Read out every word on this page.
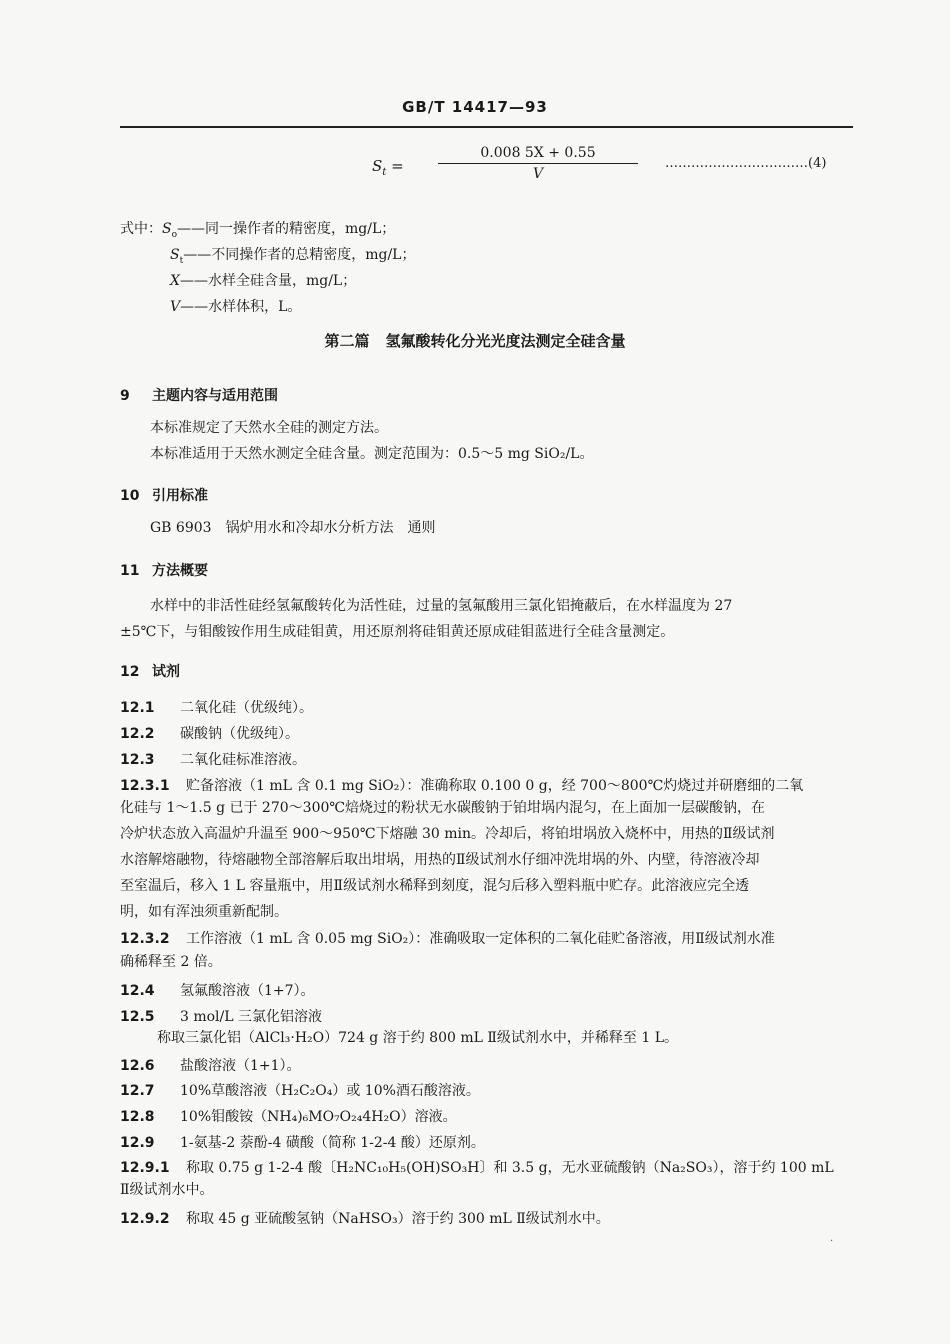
GB/T 14417—93
$S_t = \frac{0.008 5X + 0.55}{V}$ ……………………………(4)
式中：$S_o——$同一操作者的精密度，mg/L；
$S_t——$不同操作者的总精密度，mg/L；
X——水样全硅含量，mg/L；
V——水样体积，L。
第二篇 氢氟酸转化分光光度法测定全硅含量
9 主题内容与适用范围
本标准规定了天然水全硅的测定方法。
本标准适用于天然水测定全硅含量。测定范围为：0.5～5 mg SiO₂/L。
10 引用标准
GB 6903　 锅炉用水和冷却水分析方法　通则
11 方法概要
水样中的非活性硅经氢氟酸转化为活性硅，过量的氢氟酸用三氯化铝掩蔽后，在水样温度为 27
±5℃下，与钼酸铵作用生成硅钼黄，用还原剂将硅钼黄还原成硅钼蓝进行全硅含量测定。
12 试剂
12.1 二氧化硅（优级纯）。
12.2 碳酸钠（优级纯）。
12.3 二氧化硅标准溶液。
12.3.1 贮备溶液（1 mL 含 0.1 mg SiO₂）：准确称取 0.100 0 g，经 700～800℃灼烧过并研磨细的二氧
化硅与 1～1.5 g 已于 270～300℃焙烧过的粉状无水碳酸钠于铂坩埚内混匀，在上面加一层碳酸钠，在
冷炉状态放入高温炉升温至 900～950℃下熔融 30 min。冷却后，将铂坩埚放入烧杯中，用热的Ⅱ级试剂
水溶解熔融物，待熔融物全部溶解后取出坩埚，用热的Ⅱ级试剂水仔细冲洗坩埚的外、内壁，待溶液冷却
至室温后，移入 1 L 容量瓶中，用Ⅱ级试剂水稀释到刻度，混匀后移入塑料瓶中贮存。此溶液应完全透
明，如有浑浊须重新配制。
12.3.2 工作溶液（1 mL 含 0.05 mg SiO₂）：准确吸取一定体积的二氧化硅贮备溶液，用Ⅱ级试剂水准
确稀释至 2 倍。
12.4 氢氟酸溶液（1+7）。
12.5 3 mol/L 三氯化铝溶液
称取三氯化铝（AlCl₃·H₂O）724 g 溶于约 800 mL Ⅱ级试剂水中，并稀释至 1 L。
12.6 盐酸溶液（1+1）。
12.7 10%草酸溶液（H₂C₂O₄）或 10%酒石酸溶液。
12.8 10%钼酸铵（NH₄)₆MO₇O₂₄4H₂O）溶液。
12.9 1-氨基-2 萘酚-4 磺酸（简称 1-2-4 酸）还原剂。
12.9.1 称取 0.75 g 1-2-4 酸〔H₂NC₁₀H₅(OH)SO₃H〕和 3.5 g，无水亚硫酸钠（Na₂SO₃），溶于约 100 mL
Ⅱ级试剂水中。
12.9.2 称取 45 g 亚硫酸氢钠（NaHSO₃）溶于约 300 mL Ⅱ级试剂水中。
·
